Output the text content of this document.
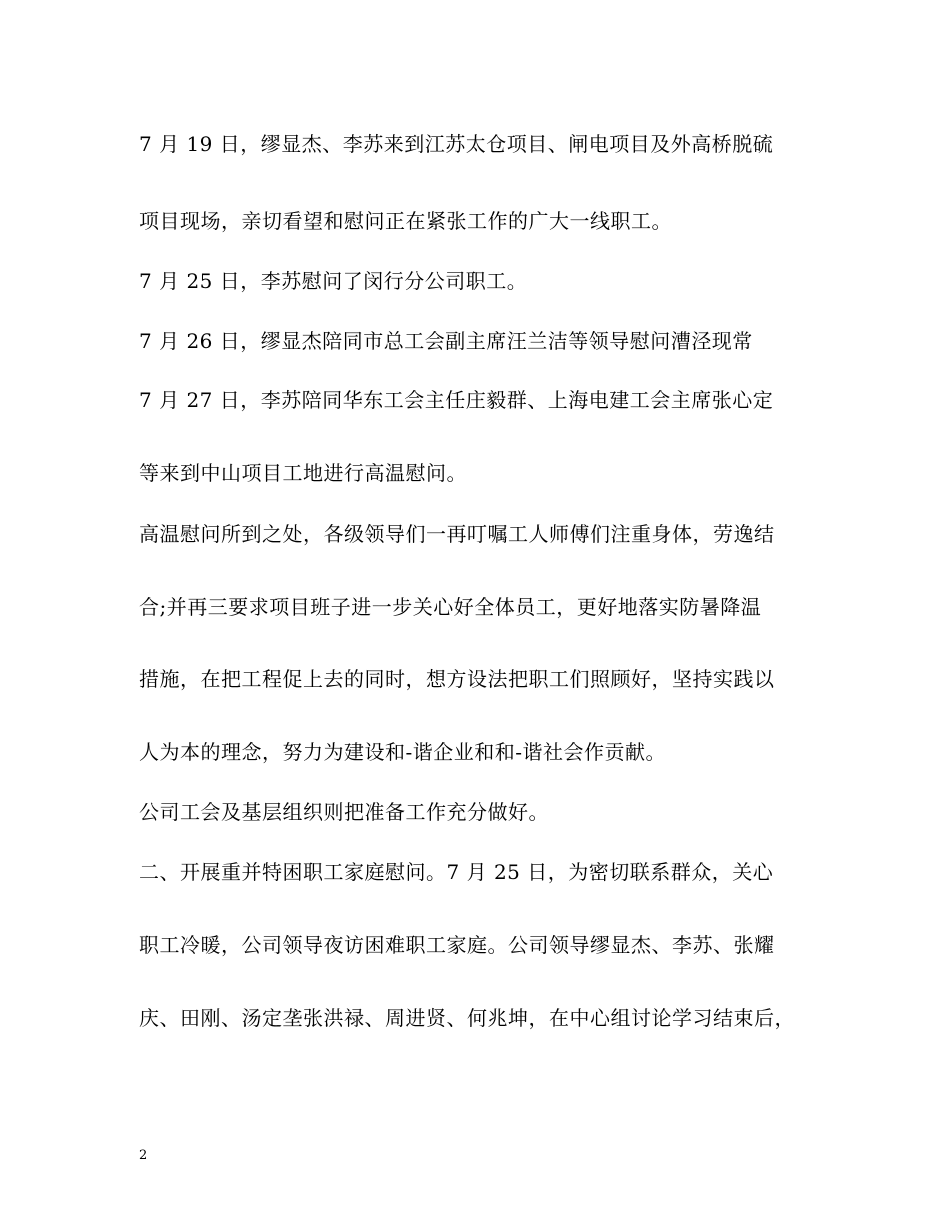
7 月 19 日，缪显杰、李苏来到江苏太仓项目、闸电项目及外高桥脱硫
项目现场，亲切看望和慰问正在紧张工作的广大一线职工。
7 月 25 日，李苏慰问了闵行分公司职工。
7 月 26 日，缪显杰陪同市总工会副主席汪兰洁等领导慰问漕泾现常
7 月 27 日，李苏陪同华东工会主任庄毅群、上海电建工会主席张心定
等来到中山项目工地进行高温慰问。
高温慰问所到之处，各级领导们一再叮嘱工人师傅们注重身体，劳逸结
合;并再三要求项目班子进一步关心好全体员工，更好地落实防暑降温
措施，在把工程促上去的同时，想方设法把职工们照顾好，坚持实践以
人为本的理念，努力为建设和-谐企业和和-谐社会作贡献。
公司工会及基层组织则把准备工作充分做好。
二、开展重并特困职工家庭慰问。7 月 25 日，为密切联系群众，关心
职工冷暖，公司领导夜访困难职工家庭。公司领导缪显杰、李苏、张耀
庆、田刚、汤定垄张洪禄、周进贤、何兆坤，在中心组讨论学习结束后，
2
